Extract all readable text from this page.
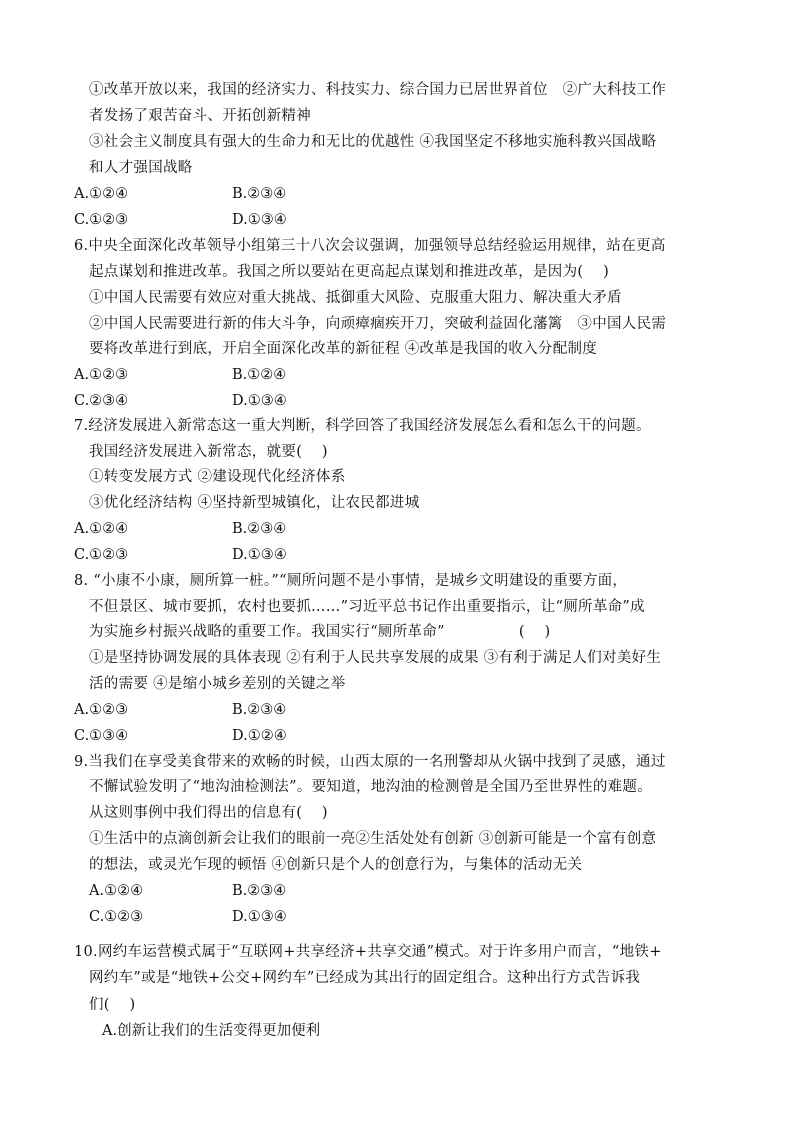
①改革开放以来，我国的经济实力、科技实力、综合国力已居世界首位　②广大科技工作
者发扬了艰苦奋斗、开拓创新精神
③社会主义制度具有强大的生命力和无比的优越性 ④我国坚定不移地实施科教兴国战略
和人才强国战略
A.①②④	B.②③④
C.①②③	D.①③④
6.中央全面深化改革领导小组第三十八次会议强调，加强领导总结经验运用规律，站在更高
起点谋划和推进改革。我国之所以要站在更高起点谋划和推进改革，是因为(　 )
①中国人民需要有效应对重大挑战、抵御重大风险、克服重大阻力、解决重大矛盾
②中国人民需要进行新的伟大斗争，向顽瘴痼疾开刀，突破利益固化藩篱　③中国人民需
要将改革进行到底，开启全面深化改革的新征程 ④改革是我国的收入分配制度
A.①②③	B.①②④
C.②③④	D.①③④
7.经济发展进入新常态这一重大判断，科学回答了我国经济发展怎么看和怎么干的问题。
我国经济发展进入新常态，就要(　 )
①转变发展方式 ②建设现代化经济体系
③优化经济结构 ④坚持新型城镇化，让农民都进城
A.①②④	B.②③④
C.①②③	D.①③④
8. “小康不小康，厕所算一桩。”“厕所问题不是小事情，是城乡文明建设的重要方面，
不但景区、城市要抓，农村也要抓……”习近平总书记作出重要指示，让“厕所革命”成
为实施乡村振兴战略的重要工作。我国实行“厕所革命”　　　　　(　 )
①是坚持协调发展的具体表现 ②有利于人民共享发展的成果 ③有利于满足人们对美好生
活的需要 ④是缩小城乡差别的关键之举
A.①②③	B.②③④
C.①③④	D.①②④
9.当我们在享受美食带来的欢畅的时候，山西太原的一名刑警却从火锅中找到了灵感，通过
不懈试验发明了“地沟油检测法”。要知道，地沟油的检测曾是全国乃至世界性的难题。
从这则事例中我们得出的信息有(　 )
①生活中的点滴创新会让我们的眼前一亮②生活处处有创新 ③创新可能是一个富有创意
的想法，或灵光乍现的顿悟 ④创新只是个人的创意行为，与集体的活动无关
A.①②④	B.②③④
C.①②③	D.①③④
10.网约车运营模式属于“互联网+共享经济+共享交通”模式。对于许多用户而言，“地铁+
网约车”或是“地铁+公交+网约车”已经成为其出行的固定组合。这种出行方式告诉我
们(　 )
A.创新让我们的生活变得更加便利
